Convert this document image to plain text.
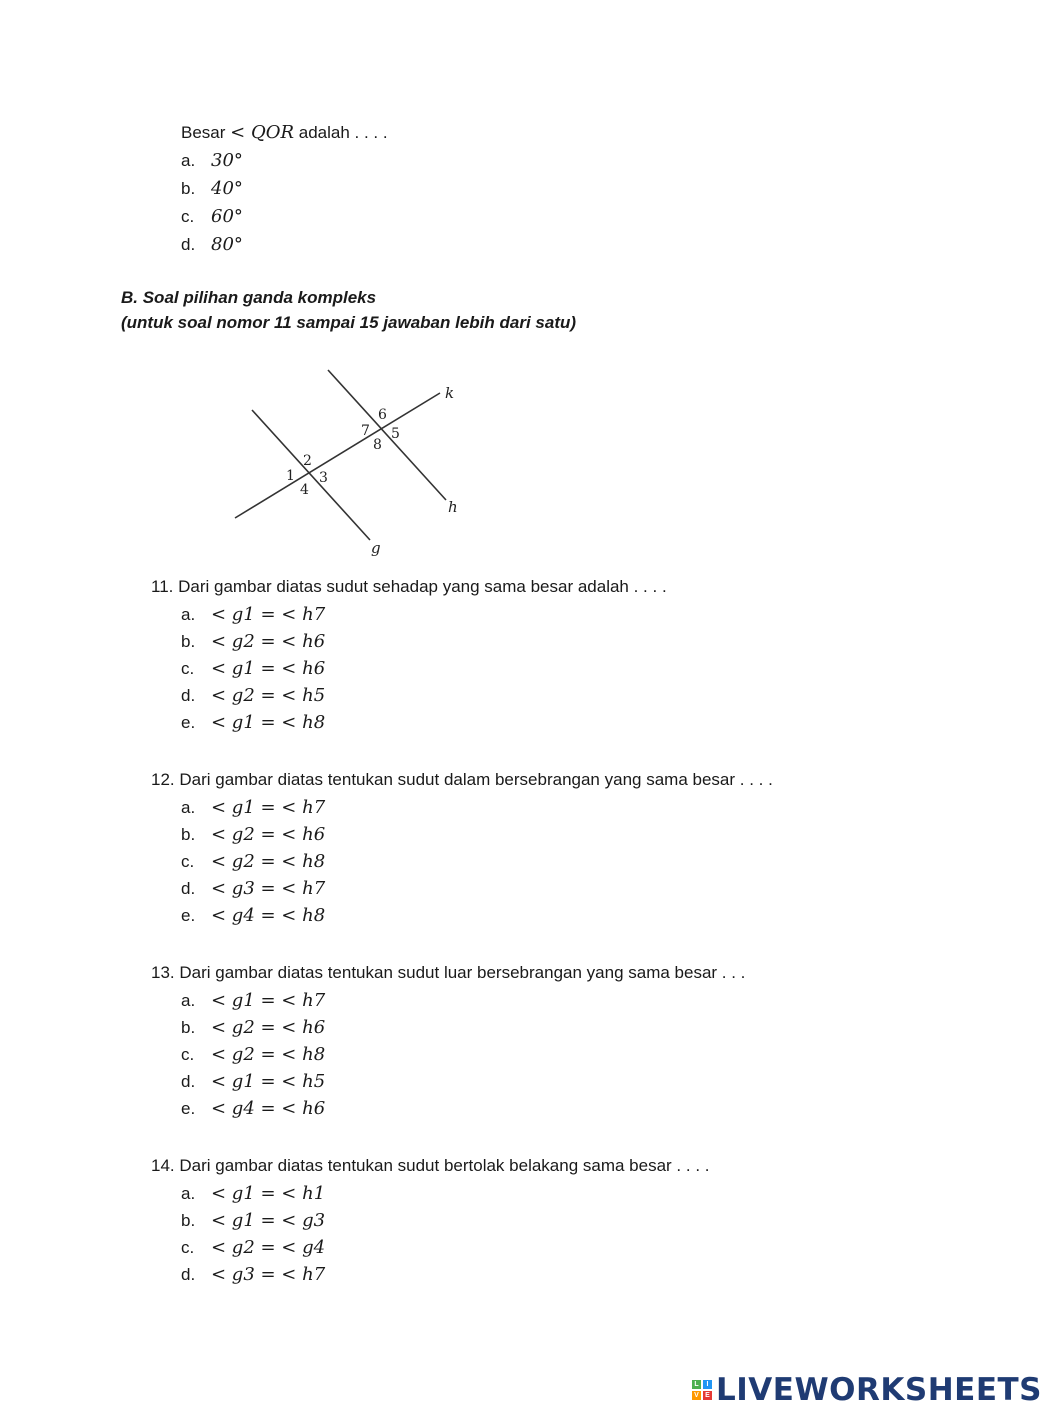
Besar < QOR adalah . . . .
a. 30°
b. 40°
c. 60°
d. 80°
B. Soal pilihan ganda kompleks
(untuk soal nomor 11 sampai 15 jawaban lebih dari satu)
1
2
3
4
5
6
7
8
k
h
g
11. Dari gambar diatas sudut sehadap yang sama besar adalah . . . .
a. < g1 = < h7
b. < g2 = < h6
c. < g1 = < h6
d. < g2 = < h5
e. < g1 = < h8
12. Dari gambar diatas tentukan sudut dalam bersebrangan yang sama besar . . . .
a. < g1 = < h7
b. < g2 = < h6
c. < g2 = < h8
d. < g3 = < h7
e. < g4 = < h8
13. Dari gambar diatas tentukan sudut luar bersebrangan yang sama besar . . .
a. < g1 = < h7
b. < g2 = < h6
c. < g2 = < h8
d. < g1 = < h5
e. < g4 = < h6
14. Dari gambar diatas tentukan sudut bertolak belakang sama besar . . . .
a. < g1 = < h1
b. < g1 = < g3
c. < g2 = < g4
d. < g3 = < h7
L	I
V E LIVEWORKSHEETS
